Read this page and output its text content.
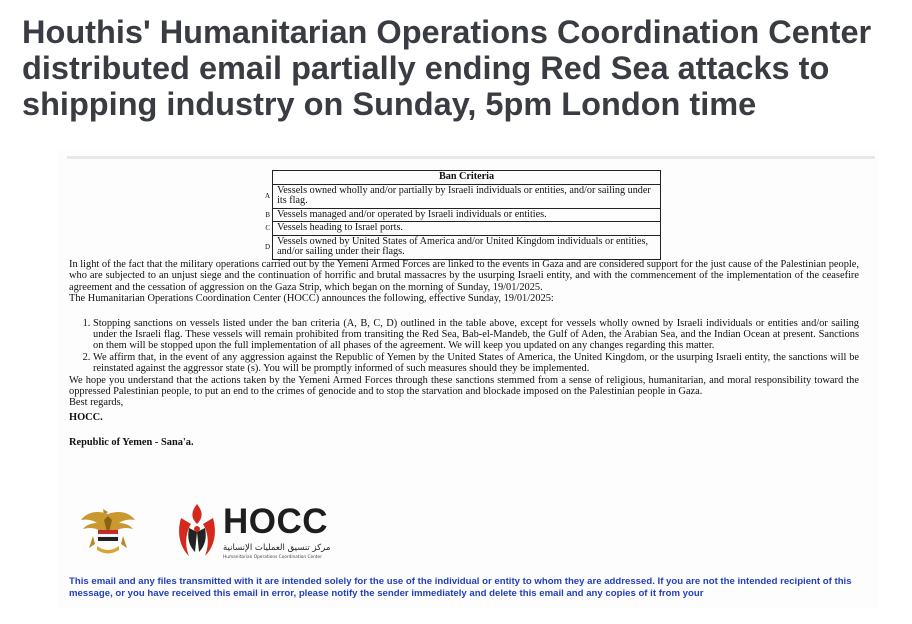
Houthis' Humanitarian Operations Coordination Center distributed email partially ending Red Sea attacks to shipping industry on Sunday, 5pm London time
	Ban Criteria
A	Vessels owned wholly and/or partially by Israeli individuals or entities, and/or sailing under its flag.
B	Vessels managed and/or operated by Israeli individuals or entities.
C	Vessels heading to Israel ports.
D	Vessels owned by United States of America and/or United Kingdom individuals or entities, and/or sailing under their flags.

In light of the fact that the military operations carried out by the Yemeni Armed Forces are linked to the events in Gaza and are considered support for the just cause of the Palestinian people, who are subjected to an unjust siege and the continuation of horrific and brutal massacres by the usurping Israeli entity, and with the commencement of the implementation of the ceasefire agreement and the cessation of aggression on the Gaza Strip, which began on the morning of Sunday, 19/01/2025.

The Humanitarian Operations Coordination Center (HOCC) announces the following, effective Sunday, 19/01/2025:

1. Stopping sanctions on vessels listed under the ban criteria (A, B, C, D) outlined in the table above, except for vessels wholly owned by Israeli individuals or entities and/or sailing under the Israeli flag. These vessels will remain prohibited from transiting the Red Sea, Bab-el-Mandeb, the Gulf of Aden, the Arabian Sea, and the Indian Ocean at present. Sanctions on them will be stopped upon the full implementation of all phases of the agreement. We will keep you updated on any changes regarding this matter.
2. We affirm that, in the event of any aggression against the Republic of Yemen by the United States of America, the United Kingdom, or the usurping Israeli entity, the sanctions will be reinstated against the aggressor state (s). You will be promptly informed of such measures should they be implemented.

We hope you understand that the actions taken by the Yemeni Armed Forces through these sanctions stemmed from a sense of religious, humanitarian, and moral responsibility toward the oppressed Palestinian people, to put an end to the crimes of genocide and to stop the starvation and blockade imposed on the Palestinian people in Gaza.

Best regards,

HOCC.

Republic of Yemen - Sana'a.

HOCC
مركز تنسيق العمليات الإنسانية
Humanitarian Operations Coordination Center
This email and any files transmitted with it are intended solely for the use of the individual or entity to whom they are addressed. If you are not the intended recipient of this message, or you have received this email in error, please notify the sender immediately and delete this email and any copies of it from your
